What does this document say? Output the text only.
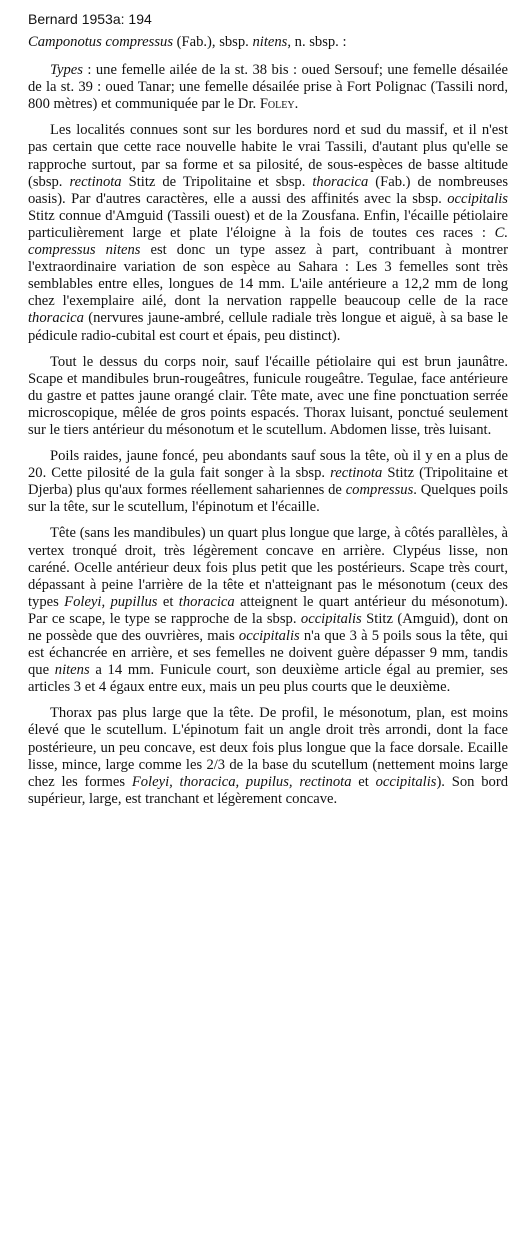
Bernard 1953a: 194

Camponotus compressus (Fab.), sbsp. nitens, n. sbsp. :

Types : une femelle ailée de la st. 38 bis : oued Sersouf; une femelle désailée de la st. 39 : oued Tanar; une femelle désailée prise à Fort Polignac (Tassili nord, 800 mètres) et communiquée par le Dr. Foley.

Les localités connues sont sur les bordures nord et sud du massif, et il n'est pas certain que cette race nouvelle habite le vrai Tassili, d'autant plus qu'elle se rapproche surtout, par sa forme et sa pilosité, de sous-espèces de basse altitude (sbsp. rectinota Stitz de Tripolitaine et sbsp. thoracica (Fab.) de nombreuses oasis). Par d'autres caractères, elle a aussi des affinités avec la sbsp. occipitalis Stitz connue d'Amguid (Tassili ouest) et de la Zousfana. Enfin, l'écaille pétiolaire particulièrement large et plate l'éloigne à la fois de toutes ces races : C. compressus nitens est donc un type assez à part, contribuant à montrer l'extraordinaire variation de son espèce au Sahara : Les 3 femelles sont très semblables entre elles, longues de 14 mm. L'aile antérieure a 12,2 mm de long chez l'exemplaire ailé, dont la nervation rappelle beaucoup celle de la race thoracica (nervures jaune-ambré, cellule radiale très longue et aiguë, à sa base le pédicule radio-cubital est court et épais, peu distinct).

Tout le dessus du corps noir, sauf l'écaille pétiolaire qui est brun jaunâtre. Scape et mandibules brun-rougeâtres, funicule rougeâtre. Tegulae, face antérieure du gastre et pattes jaune orangé clair. Tête mate, avec une fine ponctuation serrée microscopique, mêlée de gros points espacés. Thorax luisant, ponctué seulement sur le tiers antérieur du mésonotum et le scutellum. Abdomen lisse, très luisant.

Poils raides, jaune foncé, peu abondants sauf sous la tête, où il y en a plus de 20. Cette pilosité de la gula fait songer à la sbsp. rectinota Stitz (Tripolitaine et Djerba) plus qu'aux formes réellement sahariennes de compressus. Quelques poils sur la tête, sur le scutellum, l'épinotum et l'écaille.

Tête (sans les mandibules) un quart plus longue que large, à côtés parallèles, à vertex tronqué droit, très légèrement concave en arrière. Clypéus lisse, non caréné. Ocelle antérieur deux fois plus petit que les postérieurs. Scape très court, dépassant à peine l'arrière de la tête et n'atteignant pas le mésonotum (ceux des types Foleyi, pupillus et thoracica atteignent le quart antérieur du mésonotum). Par ce scape, le type se rapproche de la sbsp. occipitalis Stitz (Amguid), dont on ne possède que des ouvrières, mais occipitalis n'a que 3 à 5 poils sous la tête, qui est échancrée en arrière, et ses femelles ne doivent guère dépasser 9 mm, tandis que nitens a 14 mm. Funicule court, son deuxième article égal au premier, ses articles 3 et 4 égaux entre eux, mais un peu plus courts que le deuxième.

Thorax pas plus large que la tête. De profil, le mésonotum, plan, est moins élevé que le scutellum. L'épinotum fait un angle droit très arrondi, dont la face postérieure, un peu concave, est deux fois plus longue que la face dorsale. Ecaille lisse, mince, large comme les 2/3 de la base du scutellum (nettement moins large chez les formes Foleyi, thoracica, pupilus, rectinota et occipitalis). Son bord supérieur, large, est tranchant et légèrement concave.
